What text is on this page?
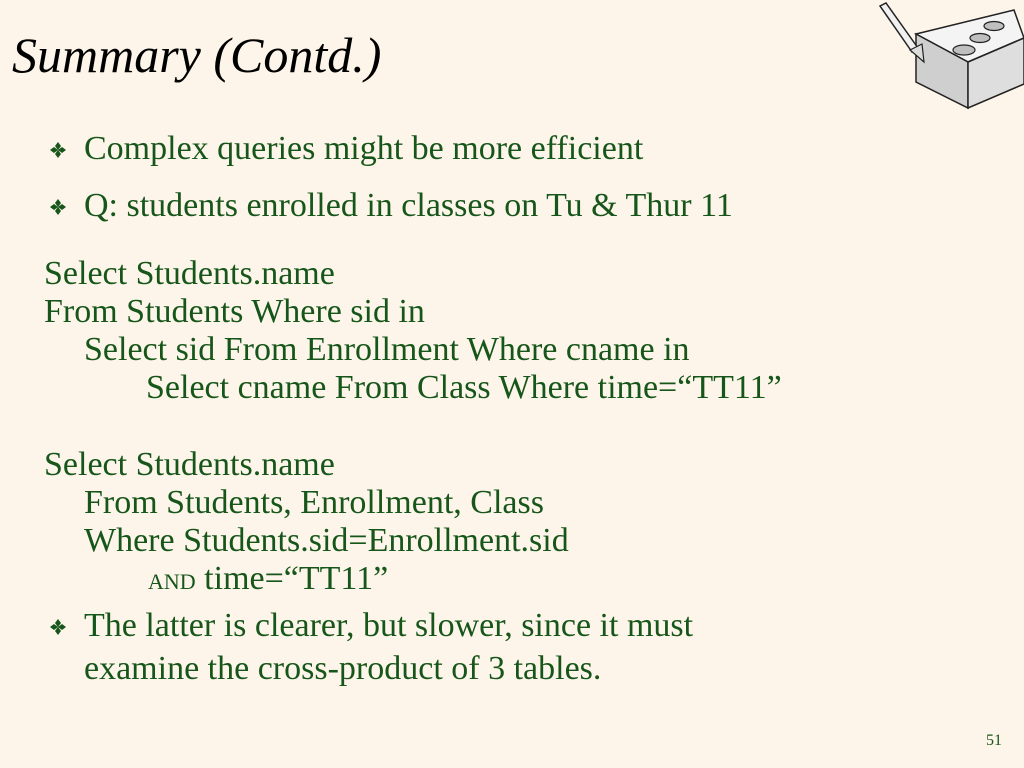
Summary (Contd.)
Complex queries might be more efficient
Q: students enrolled in classes on Tu & Thur 11
Select Students.name
From Students Where sid in
Select sid From Enrollment Where cname in
Select cname From Class Where time=“TT11”
Select Students.name
From Students, Enrollment, Class
Where Students.sid=Enrollment.sid
AND time=“TT11”
The latter is clearer, but slower, since it must
examine the cross-product of 3 tables.
51
